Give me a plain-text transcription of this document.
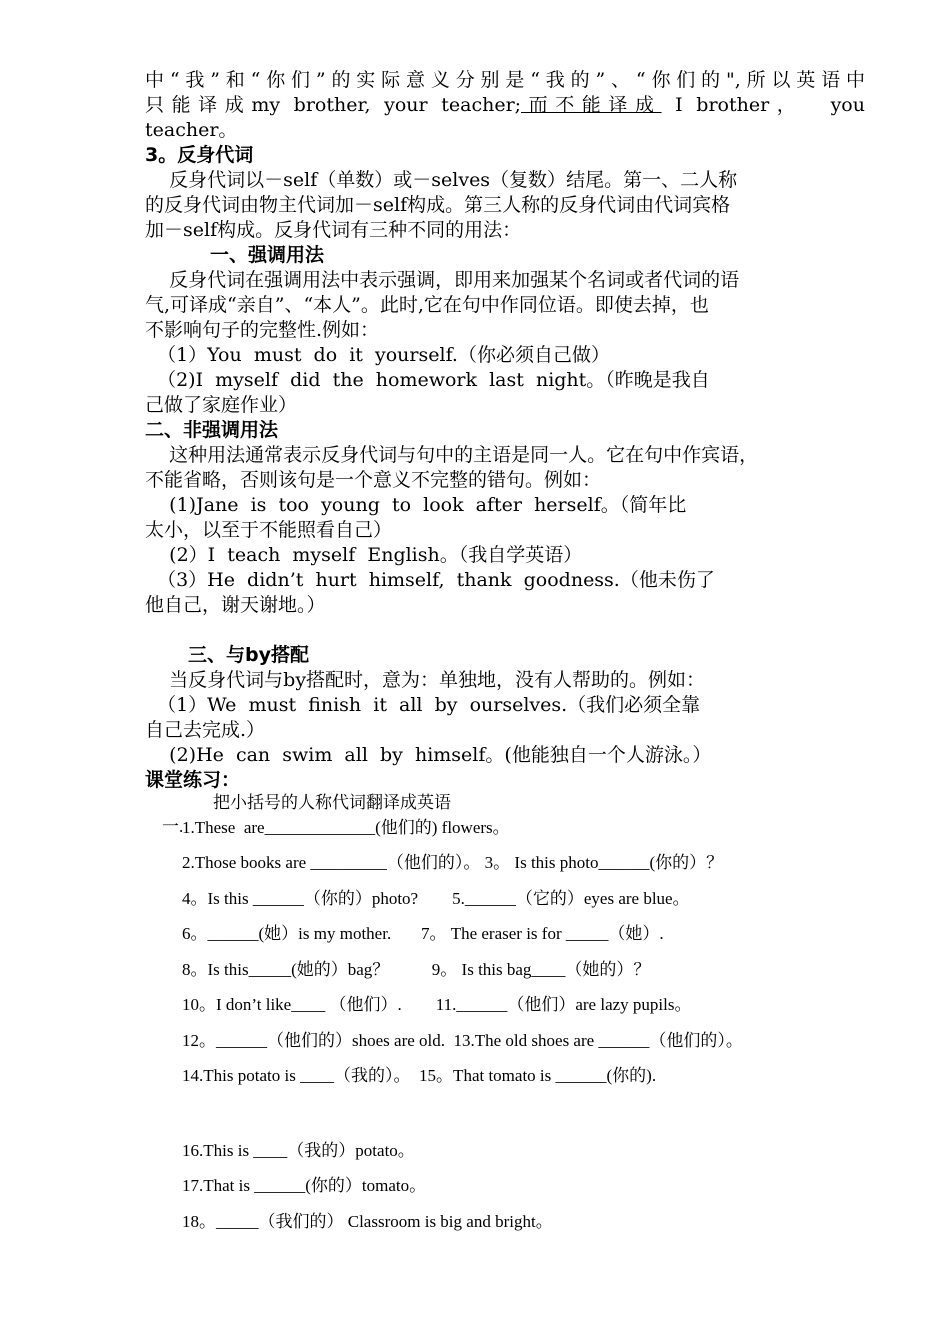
中“我”和“你们”的实际意义分别是“我的”、“你们的",所以英语中
只能译成my brother, your teacher;而不能译成 I brother，  you
teacher。
3。反身代词
反身代词以－self（单数）或－selves（复数）结尾。第一、二人称
的反身代词由物主代词加－self构成。第三人称的反身代词由代词宾格
加－self构成。反身代词有三种不同的用法：
一、强调用法
反身代词在强调用法中表示强调，即用来加强某个名词或者代词的语
气,可译成“亲自”、“本人”。此时,它在句中作同位语。即使去掉，也
不影响句子的完整性.例如：
（1）You  must  do  it  yourself.（你必须自己做）
（2)I  myself  did  the  homework  last  night。（昨晚是我自
己做了家庭作业）
二、非强调用法
这种用法通常表示反身代词与句中的主语是同一人。它在句中作宾语，
不能省略，否则该句是一个意义不完整的错句。例如：
(1)Jane  is  too  young  to  look  after  herself。（简年比
太小，以至于不能照看自己）
(2）I  teach  myself  English。（我自学英语）
（3）He  didn’t  hurt  himself,  thank  goodness.（他未伤了
他自己，谢天谢地。）
三、与by搭配
当反身代词与by搭配时，意为：单独地，没有人帮助的。例如：
（1）We  must  finish  it  all  by  ourselves.（我们必须全靠
自己去完成.）
(2)He  can  swim  all  by  himself。(他能独自一个人游泳。）
课堂练习：

一.

把小括号的人称代词翻译成英语

1.These  are_____________(他们的) flowers。
2.Those books are _________（他们的）。 3。 Is this photo______(你的）？
4。Is this ______（你的）photo?        5.______（它的）eyes are blue。
6。______(她）is my mother.       7。 The eraser is for _____（她）.
8。Is this_____(她的）bag？          9。 Is this bag____（她的）？
10。I don’t like____ （他们）.        11.______（他们）are lazy pupils。
12。______（他们的）shoes are old.  13.The old shoes are ______（他们的）。
14.This potato is ____（我的）。  15。That tomato is ______(你的).
16.This is ____（我的）potato。
17.That is ______(你的）tomato。
18。_____（我们的） Classroom is big and bright。
